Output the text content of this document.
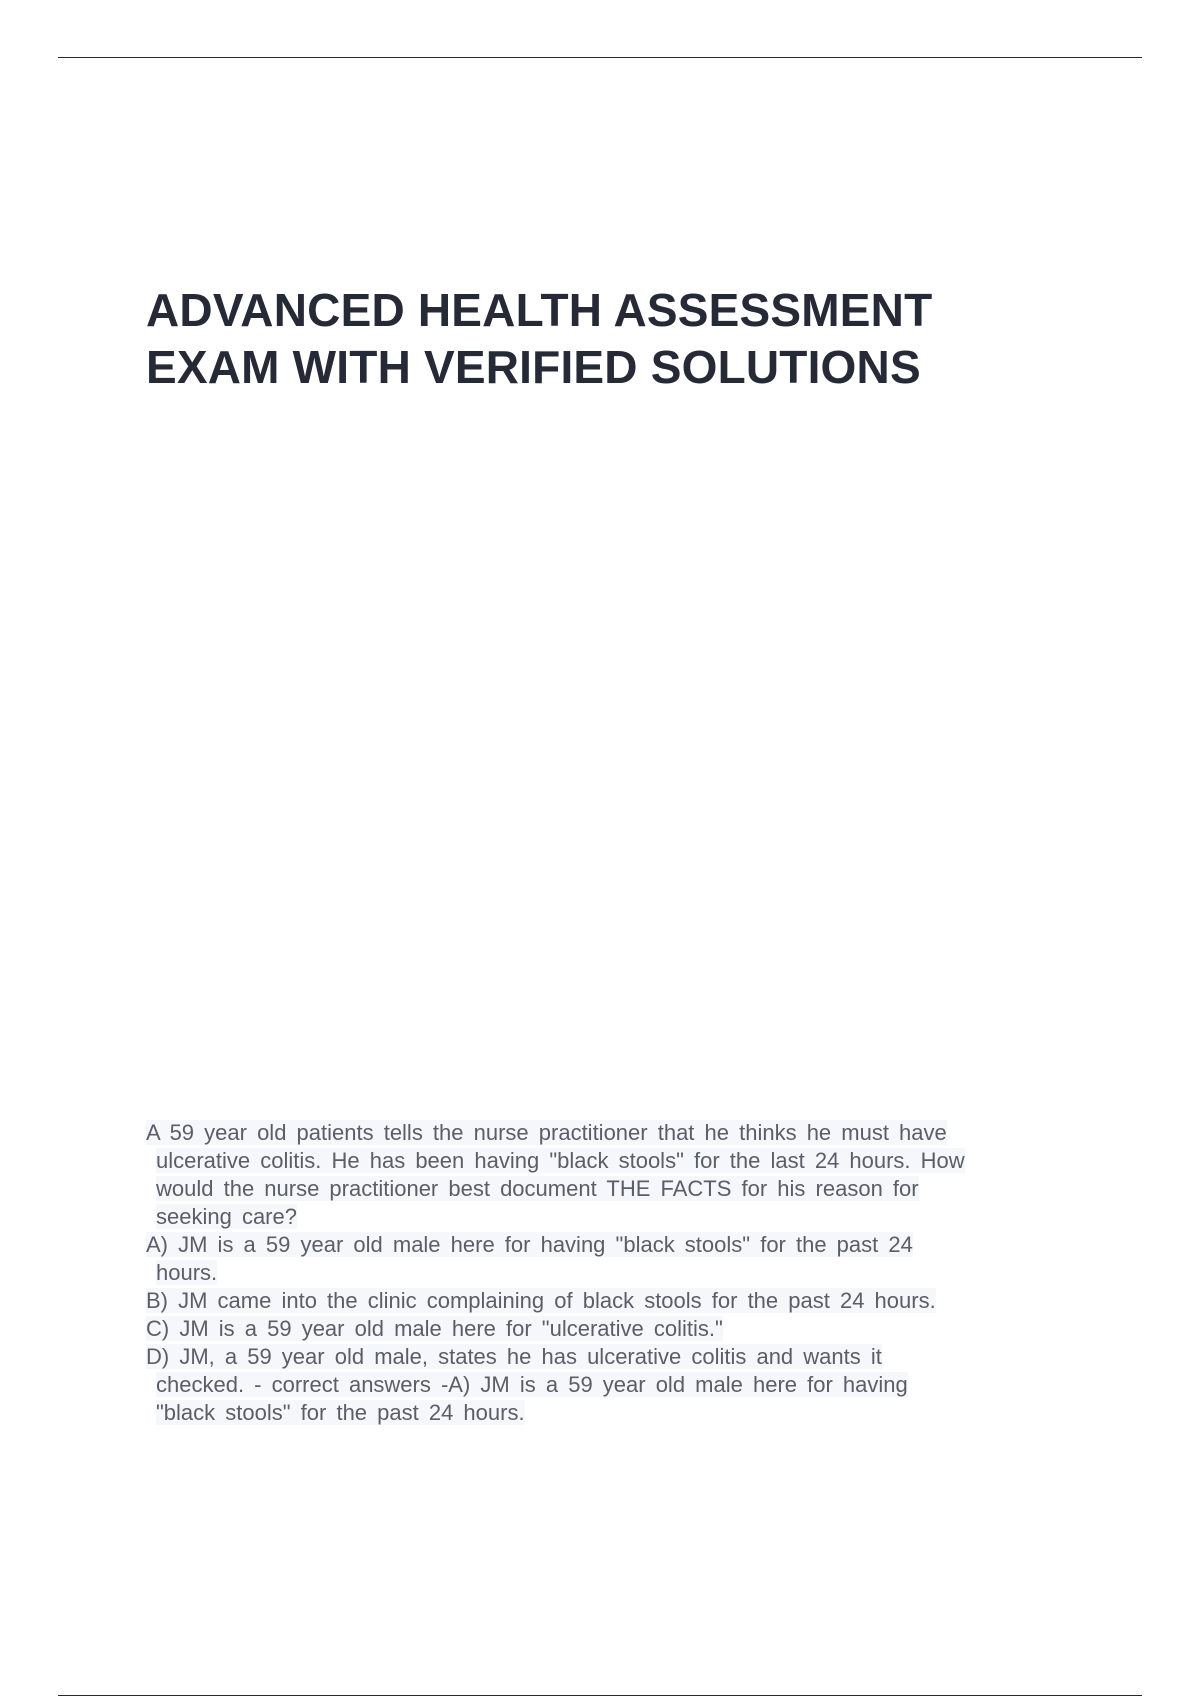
ADVANCED HEALTH ASSESSMENT
EXAM WITH VERIFIED SOLUTIONS
A 59 year old patients tells the nurse practitioner that he thinks he must have
ulcerative colitis. He has been having "black stools" for the last 24 hours. How
would the nurse practitioner best document THE FACTS for his reason for
seeking care?
A) JM is a 59 year old male here for having "black stools" for the past 24
hours.
B) JM came into the clinic complaining of black stools for the past 24 hours.
C) JM is a 59 year old male here for "ulcerative colitis."
D) JM, a 59 year old male, states he has ulcerative colitis and wants it
checked. - correct answers -A) JM is a 59 year old male here for having
"black stools" for the past 24 hours.
